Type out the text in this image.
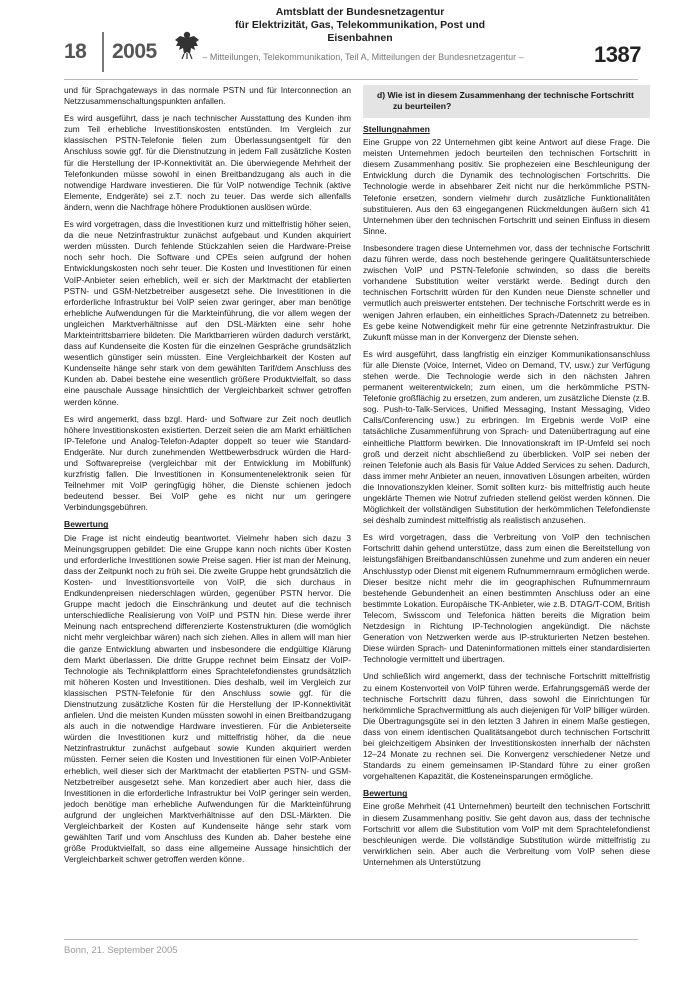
18 2005
Amtsblatt der Bundesnetzagentur
für Elektrizität, Gas, Telekommunikation, Post und Eisenbahnen
– Mitteilungen, Telekommunikation, Teil A, Mitteilungen der Bundesnetzagentur –	1387

und für Sprachgateways in das normale PSTN und für Interconnection an Netzzusammenschaltungspunkten anfallen.

Es wird ausgeführt, dass je nach technischer Ausstattung des Kunden ihm zum Teil erhebliche Investitionskosten entstünden. Im Vergleich zur klassischen PSTN-Telefonie fielen zum Überlassungsentgelt für den Anschluss sowie ggf. für die Dienstnutzung in jedem Fall zusätzliche Kosten für die Herstellung der IP-Konnektivität an. Die überwiegende Mehrheit der Telefonkunden müsse sowohl in einen Breitbandzugang als auch in die notwendige Hardware investieren. Die für VoIP notwendige Technik (aktive Elemente, Endgeräte) sei z.T. noch zu teuer. Das werde sich allenfalls ändern, wenn die Nachfrage höhere Produktionen auslösen würde.

Es wird vorgetragen, dass die Investitionen kurz und mittelfristig höher seien, da die neue Netzinfrastruktur zunächst aufgebaut und Kunden akquiriert werden müssten. Durch fehlende Stückzahlen seien die Hardware-Preise noch sehr hoch. Die Software und CPEs seien aufgrund der hohen Entwicklungskosten noch sehr teuer. Die Kosten und Investitionen für einen VoIP-Anbieter seien erheblich, weil er sich der Marktmacht der etablierten PSTN- und GSM-Netzbetreiber ausgesetzt sehe. Die Investitionen in die erforderliche Infrastruktur bei VoIP seien zwar geringer, aber man benötige erhebliche Aufwendungen für die Markteinführung, die vor allem wegen der ungleichen Marktverhältnisse auf den DSL-Märkten eine sehr hohe Markteintrittsbarriere bildeten. Die Marktbarrieren würden dadurch verstärkt, dass auf Kundenseite die Kosten für die einzelnen Gespräche grundsätzlich wesentlich günstiger sein müssten. Eine Vergleichbarkeit der Kosten auf Kundenseite hänge sehr stark von dem gewählten Tarif/dem Anschluss des Kunden ab. Dabei bestehe eine wesentlich größere Produktvielfalt, so dass eine pauschale Aussage hinsichtlich der Vergleichbarkeit schwer getroffen werden könne.

Es wird angemerkt, dass bzgl. Hard- und Software zur Zeit noch deutlich höhere Investitionskosten existierten. Derzeit seien die am Markt erhältlichen IP-Telefone und Analog-Telefon-Adapter doppelt so teuer wie Standard-Endgeräte. Nur durch zunehmenden Wettbewerbsdruck würden die Hard- und Softwarepreise (vergleichbar mit der Entwicklung im Mobilfunk) kurzfristig fallen. Die Investitionen in Konsumentenelektronik seien für Teilnehmer mit VoIP geringfügig höher, die Dienste schienen jedoch bedeutend besser. Bei VoIP gehe es nicht nur um geringere Verbindungsgebühren.

Bewertung

Die Frage ist nicht eindeutig beantwortet. Vielmehr haben sich dazu 3 Meinungsgruppen gebildet: Die eine Gruppe kann noch nichts über Kosten und erforderliche Investitionen sowie Preise sagen. Hier ist man der Meinung, dass der Zeitpunkt noch zu früh sei. Die zweite Gruppe hebt grundsätzlich die Kosten- und Investitionsvorteile von VoIP, die sich durchaus in Endkundenpreisen niederschlagen würden, gegenüber PSTN hervor. Die Gruppe macht jedoch die Einschränkung und deutet auf die technisch unterschiedliche Realisierung von VoIP und PSTN hin. Diese werde ihrer Meinung nach entsprechend differenzierte Kostenstrukturen (die womöglich nicht mehr vergleichbar wären) nach sich ziehen. Alles in allem will man hier die ganze Entwicklung abwarten und insbesondere die endgültige Klärung dem Markt überlassen. Die dritte Gruppe rechnet beim Einsatz der VoIP-Technologie als Technikplattform eines Sprachtelefondienstes grundsätzlich mit höheren Kosten und Investitionen. Dies deshalb, weil im Vergleich zur klassischen PSTN-Telefonie für den Anschluss sowie ggf. für die Dienstnutzung zusätzliche Kosten für die Herstellung der IP-Konnektivität anfielen. Und die meisten Kunden müssten sowohl in einen Breitbandzugang als auch in die notwendige Hardware investieren. Für die Anbieterseite würden die Investitionen kurz und mittelfristig höher, da die neue Netzinfrastruktur zunächst aufgebaut sowie Kunden akquiriert werden müssten. Ferner seien die Kosten und Investitionen für einen VoIP-Anbieter erheblich, weil dieser sich der Marktmacht der etablierten PSTN- und GSM-Netzbetreiber ausgesetzt sehe. Man konzediert aber auch hier, dass die Investitionen in die erforderliche Infrastruktur bei VoIP geringer sein werden, jedoch benötige man erhebliche Aufwendungen für die Markteinführung aufgrund der ungleichen Marktverhältnisse auf den DSL-Märkten. Die Vergleichbarkeit der Kosten auf Kundenseite hänge sehr stark vom gewählten Tarif und vom Anschluss des Kunden ab. Daher bestehe eine größe Produktvielfalt, so dass eine allgemeine Aussage hinsichtlich der Vergleichbarkeit schwer getroffen werden könne.

d) Wie ist in diesem Zusammenhang der technische Fortschritt zu beurteilen?
Stellungnahmen

Eine Gruppe von 22 Unternehmen gibt keine Antwort auf diese Frage. Die meisten Unternehmen jedoch beurteilen den technischen Fortschritt in diesem Zusammenhang positiv. Sie prophezeien eine Beschleunigung der Entwicklung durch die Dynamik des technologischen Fortschritts. Die Technologie werde in absehbarer Zeit nicht nur die herkömmliche PSTN-Telefonie ersetzen, sondern vielmehr durch zusätzliche Funktionalitäten substituieren. Aus den 63 eingegangenen Rückmeldungen äußern sich 41 Unternehmen über den technischen Fortschritt und seinen Einfluss in diesem Sinne.

Insbesondere tragen diese Unternehmen vor, dass der technische Fortschritt dazu führen werde, dass noch bestehende geringere Qualitätsunterschiede zwischen VoIP und PSTN-Telefonie schwinden, so dass die bereits vorhandene Substitution weiter verstärkt werde. Bedingt durch den technischen Fortschritt würden für den Kunden neue Dienste schneller und vermutlich auch preiswerter entstehen. Der technische Fortschritt werde es in wenigen Jahren erlauben, ein einheitliches Sprach-/Datennetz zu betreiben. Es gebe keine Notwendigkeit mehr für eine getrennte Netzinfrastruktur. Die Zukunft müsse man in der Konvergenz der Dienste sehen.

Es wird ausgeführt, dass langfristig ein einziger Kommunikationsanschluss für alle Dienste (Voice, Internet, Video on Demand, TV, usw.) zur Verfügung stehen werde. Die Technologie werde sich in den nächsten Jahren permanent weiterentwickeln; zum einen, um die herkömmliche PSTN-Telefonie großflächig zu ersetzen, zum anderen, um zusätzliche Dienste (z.B. sog. Push-to-Talk-Services, Unified Messaging, Instant Messaging, Video Calls/Conferencing usw.) zu erbringen. Im Ergebnis werde VoIP eine tatsächliche Zusammenführung von Sprach- und Datenübertragung auf eine einheitliche Plattform bewirken. Die Innovationskraft im IP-Umfeld sei noch groß und derzeit nicht abschließend zu überblicken. VoIP sei neben der reinen Telefonie auch als Basis für Value Added Services zu sehen. Dadurch, dass immer mehr Anbieter an neuen, innovativen Lösungen arbeiten, würden die Innovationszyklen kleiner. Somit sollten kurz- bis mittelfristig auch heute ungeklärte Themen wie Notruf zufrieden stellend gelöst werden können. Die Möglichkeit der vollständigen Substitution der herkömmlichen Telefondienste sei deshalb zumindest mittelfristig als realistisch anzusehen.

Es wird vorgetragen, dass die Verbreitung von VoIP den technischen Fortschritt dahin gehend unterstütze, dass zum einen die Bereitstellung von leistungsfähigen Breitbandanschlüssen zunehme und zum anderen ein neuer Anschlusstyp oder Dienst mit eigenem Rufnummernraum ermöglichen werde. Dieser besitze nicht mehr die im geographischen Rufnummernraum bestehende Gebundenheit an einen bestimmten Anschluss oder an eine bestimmte Lokation. Europäische TK-Anbieter, wie z.B. DTAG/T-COM, British Telecom, Swisscom und Telefonica hätten bereits die Migration beim Netzdesign in Richtung IP-Technologien angekündigt. Die nächste Generation von Netzwerken werde aus IP-strukturierten Netzen bestehen. Diese würden Sprach- und Dateninformationen mittels einer standardisierten Technologie vermittelt und übertragen.

Und schließlich wird angemerkt, dass der technische Fortschritt mittelfristig zu einem Kostenvorteil von VoIP führen werde. Erfahrungsgemäß werde der technische Fortschritt dazu führen, dass sowohl die Einrichtungen für herkömmliche Sprachvermittlung als auch diejenigen für VoIP billiger würden. Die Übertragungsgüte sei in den letzten 3 Jahren in einem Maße gestiegen, dass von einem identischen Qualitätsangebot durch technischen Fortschritt bei gleichzeitigem Absinken der Investitionskosten innerhalb der nächsten 12–24 Monate zu rechnen sei. Die Konvergenz verschiedener Netze und Standards zu einem gemeinsamen IP-Standard führe zu einer großen vorgehaltenen Kapazität, die Kosteneinsparungen ermögliche.

Bewertung

Eine große Mehrheit (41 Unternehmen) beurteilt den technischen Fortschritt in diesem Zusammenhang positiv. Sie geht davon aus, dass der technische Fortschritt vor allem die Substitution vom VoIP mit dem Sprachtelefondienst beschleunigen werde. Die vollständige Substitution würde mittelfristig zu verwirklichen sein. Aber auch die Verbreitung vom VoIP sehen diese Unternehmen als Unterstützung

Bonn, 21. September 2005
